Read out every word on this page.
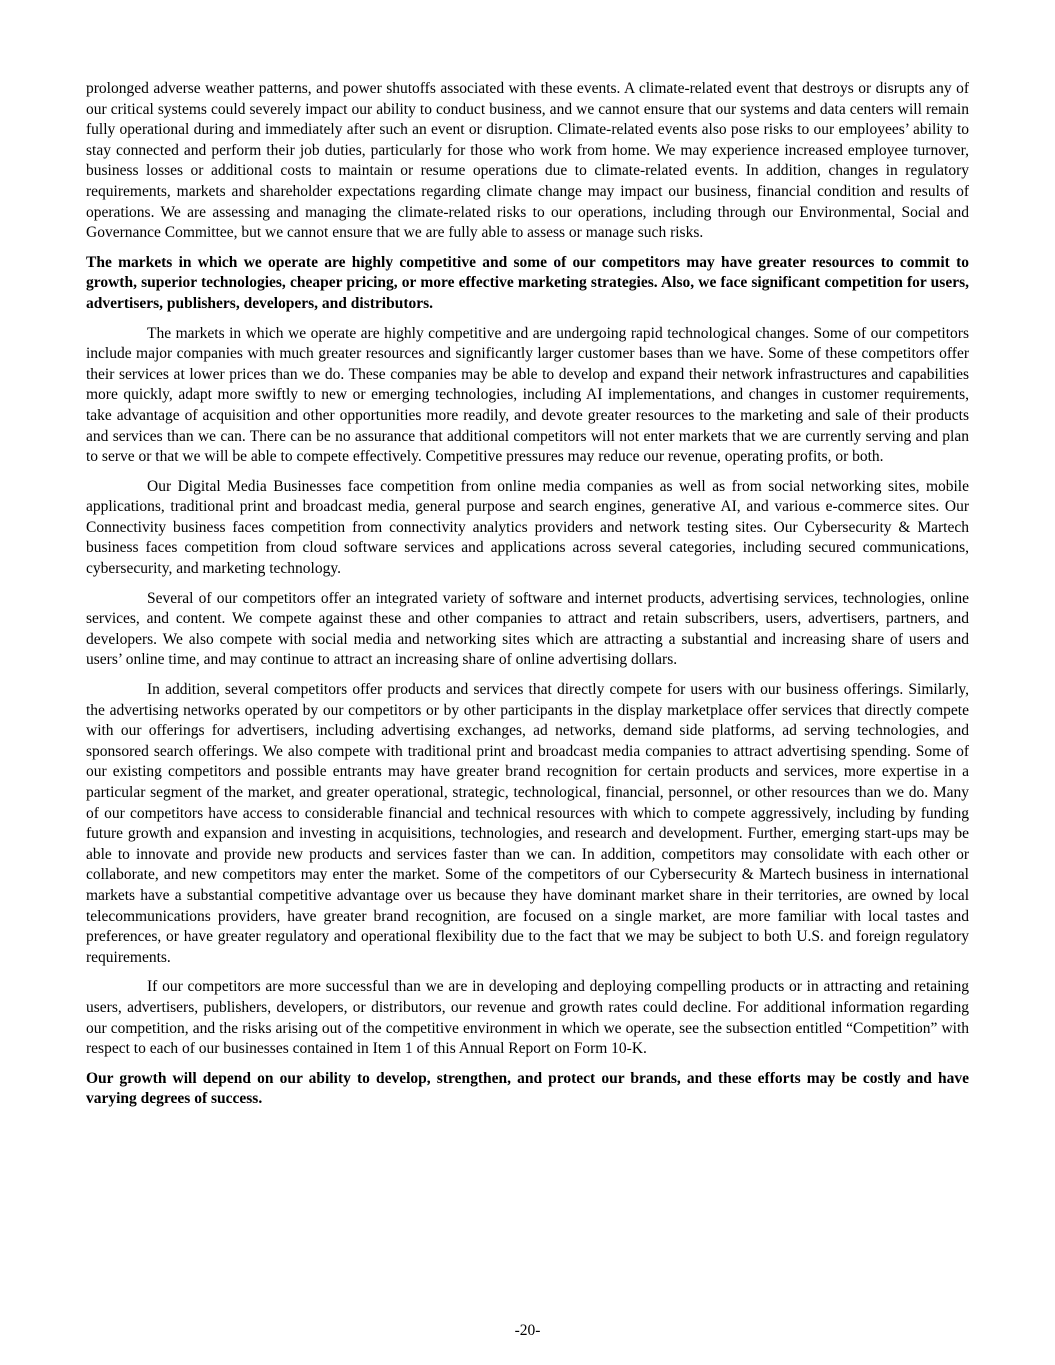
prolonged adverse weather patterns, and power shutoffs associated with these events. A climate-related event that destroys or disrupts any of our critical systems could severely impact our ability to conduct business, and we cannot ensure that our systems and data centers will remain fully operational during and immediately after such an event or disruption. Climate-related events also pose risks to our employees’ ability to stay connected and perform their job duties, particularly for those who work from home. We may experience increased employee turnover, business losses or additional costs to maintain or resume operations due to climate-related events. In addition, changes in regulatory requirements, markets and shareholder expectations regarding climate change may impact our business, financial condition and results of operations. We are assessing and managing the climate-related risks to our operations, including through our Environmental, Social and Governance Committee, but we cannot ensure that we are fully able to assess or manage such risks.

The markets in which we operate are highly competitive and some of our competitors may have greater resources to commit to growth, superior technologies, cheaper pricing, or more effective marketing strategies. Also, we face significant competition for users, advertisers, publishers, developers, and distributors.

The markets in which we operate are highly competitive and are undergoing rapid technological changes. Some of our competitors include major companies with much greater resources and significantly larger customer bases than we have. Some of these competitors offer their services at lower prices than we do. These companies may be able to develop and expand their network infrastructures and capabilities more quickly, adapt more swiftly to new or emerging technologies, including AI implementations, and changes in customer requirements, take advantage of acquisition and other opportunities more readily, and devote greater resources to the marketing and sale of their products and services than we can. There can be no assurance that additional competitors will not enter markets that we are currently serving and plan to serve or that we will be able to compete effectively. Competitive pressures may reduce our revenue, operating profits, or both.

Our Digital Media Businesses face competition from online media companies as well as from social networking sites, mobile applications, traditional print and broadcast media, general purpose and search engines, generative AI, and various e-commerce sites. Our Connectivity business faces competition from connectivity analytics providers and network testing sites. Our Cybersecurity & Martech business faces competition from cloud software services and applications across several categories, including secured communications, cybersecurity, and marketing technology.

Several of our competitors offer an integrated variety of software and internet products, advertising services, technologies, online services, and content. We compete against these and other companies to attract and retain subscribers, users, advertisers, partners, and developers. We also compete with social media and networking sites which are attracting a substantial and increasing share of users and users’ online time, and may continue to attract an increasing share of online advertising dollars.

In addition, several competitors offer products and services that directly compete for users with our business offerings. Similarly, the advertising networks operated by our competitors or by other participants in the display marketplace offer services that directly compete with our offerings for advertisers, including advertising exchanges, ad networks, demand side platforms, ad serving technologies, and sponsored search offerings. We also compete with traditional print and broadcast media companies to attract advertising spending. Some of our existing competitors and possible entrants may have greater brand recognition for certain products and services, more expertise in a particular segment of the market, and greater operational, strategic, technological, financial, personnel, or other resources than we do. Many of our competitors have access to considerable financial and technical resources with which to compete aggressively, including by funding future growth and expansion and investing in acquisitions, technologies, and research and development. Further, emerging start-ups may be able to innovate and provide new products and services faster than we can. In addition, competitors may consolidate with each other or collaborate, and new competitors may enter the market. Some of the competitors of our Cybersecurity & Martech business in international markets have a substantial competitive advantage over us because they have dominant market share in their territories, are owned by local telecommunications providers, have greater brand recognition, are focused on a single market, are more familiar with local tastes and preferences, or have greater regulatory and operational flexibility due to the fact that we may be subject to both U.S. and foreign regulatory requirements.

If our competitors are more successful than we are in developing and deploying compelling products or in attracting and retaining users, advertisers, publishers, developers, or distributors, our revenue and growth rates could decline. For additional information regarding our competition, and the risks arising out of the competitive environment in which we operate, see the subsection entitled “Competition” with respect to each of our businesses contained in Item 1 of this Annual Report on Form 10-K.

Our growth will depend on our ability to develop, strengthen, and protect our brands, and these efforts may be costly and have varying degrees of success.

-20-
